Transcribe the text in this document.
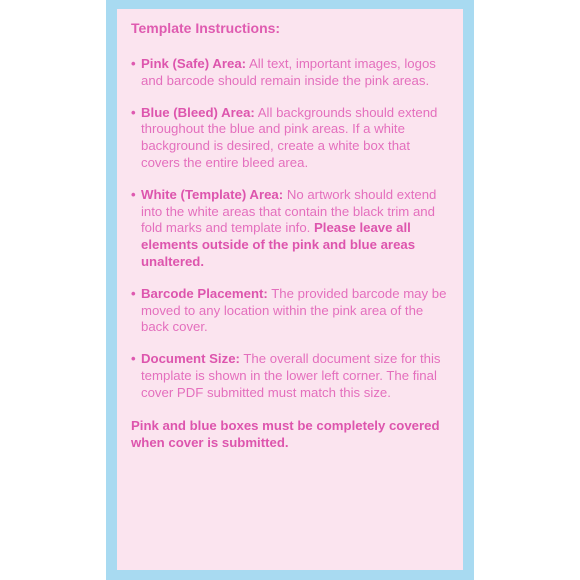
Template Instructions:
• Pink (Safe) Area: All text, important images, logos and barcode should remain inside the pink areas.
• Blue (Bleed) Area: All backgrounds should extend throughout the blue and pink areas. If a white background is desired, create a white box that covers the entire bleed area.
• White (Template) Area: No artwork should extend into the white areas that contain the black trim and fold marks and template info. Please leave all elements outside of the pink and blue areas unaltered.
• Barcode Placement: The provided barcode may be moved to any location within the pink area of the back cover.
• Document Size: The overall document size for this template is shown in the lower left corner. The final cover PDF submitted must match this size.
Pink and blue boxes must be completely covered when cover is submitted.
